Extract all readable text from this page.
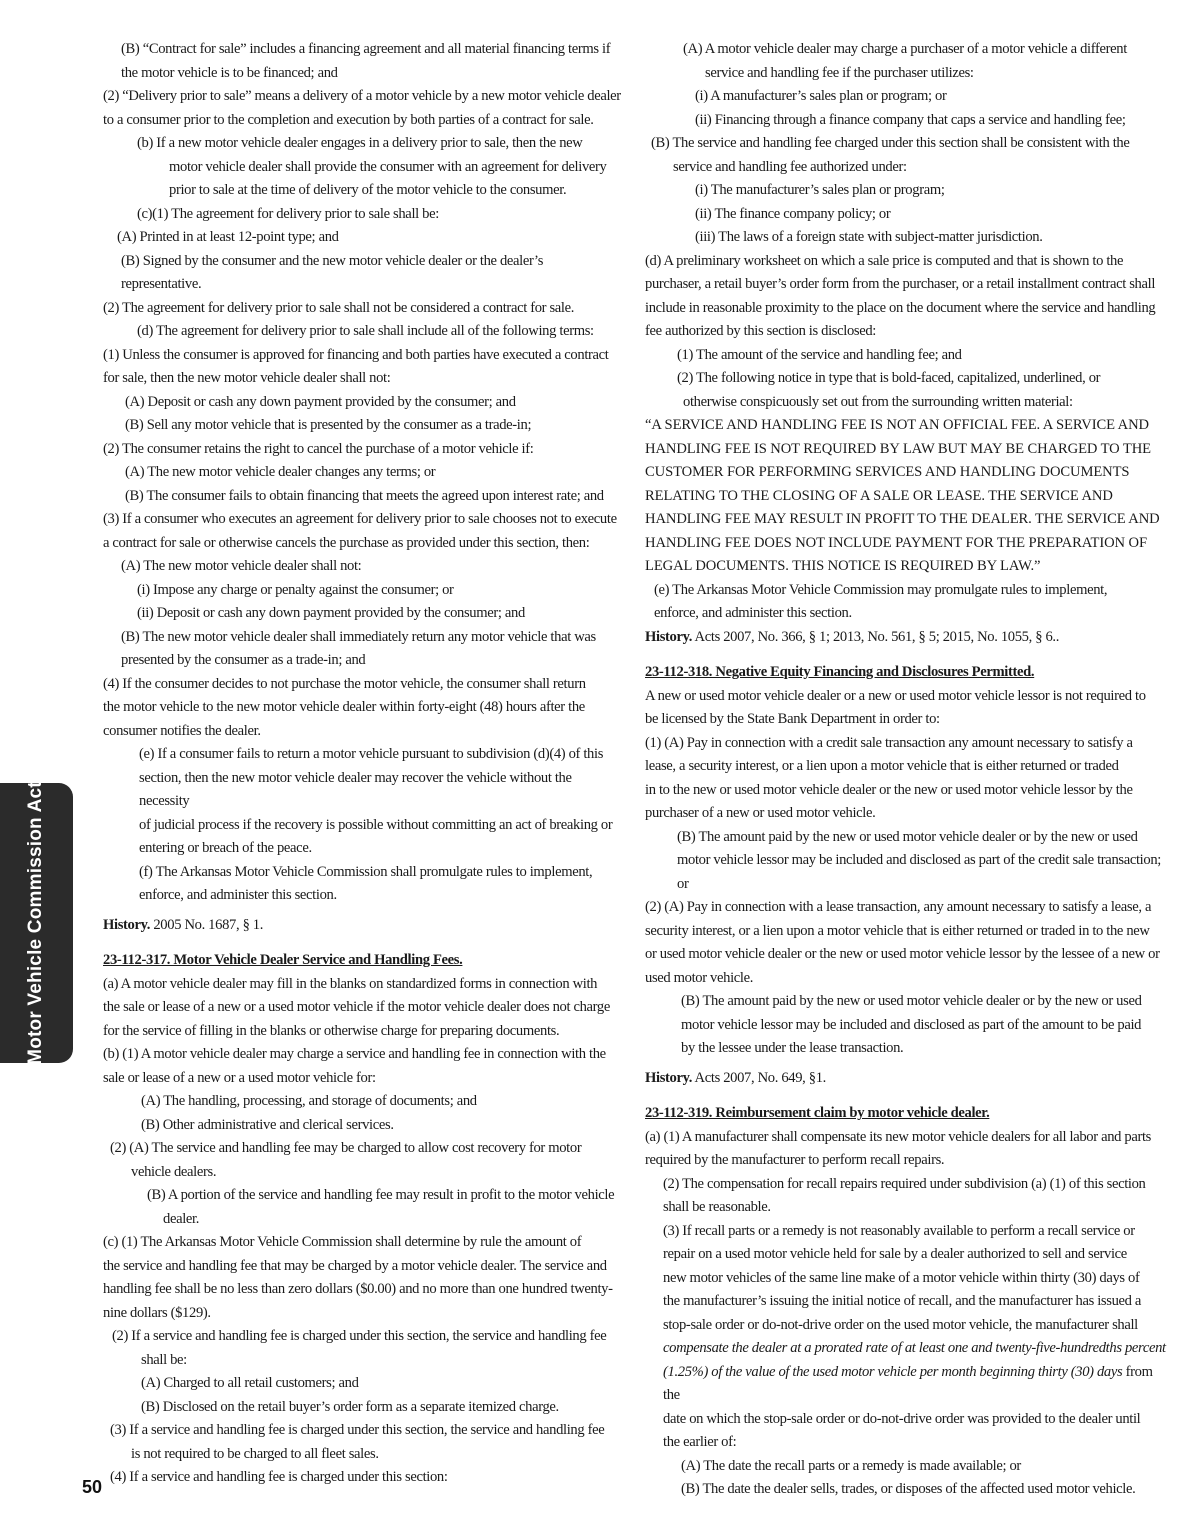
Motor Vehicle Commission Act
(B) “Contract for sale” includes a financing agreement and all material financing terms if
the motor vehicle is to be financed; and
(2) “Delivery prior to sale” means a delivery of a motor vehicle by a new motor vehicle dealer
to a consumer prior to the completion and execution by both parties of a contract for sale.
(b) If a new motor vehicle dealer engages in a delivery prior to sale, then the new
motor vehicle dealer shall provide the consumer with an agreement for delivery
prior to sale at the time of delivery of the motor vehicle to the consumer.
(c)(1) The agreement for delivery prior to sale shall be:
(A) Printed in at least 12-point type; and
(B) Signed by the consumer and the new motor vehicle dealer or the dealer’s
representative.
(2) The agreement for delivery prior to sale shall not be considered a contract for sale.
(d) The agreement for delivery prior to sale shall include all of the following terms:
(1) Unless the consumer is approved for financing and both parties have executed a contract
for sale, then the new motor vehicle dealer shall not:
(A) Deposit or cash any down payment provided by the consumer; and
(B) Sell any motor vehicle that is presented by the consumer as a trade-in;
(2) The consumer retains the right to cancel the purchase of a motor vehicle if:
(A) The new motor vehicle dealer changes any terms; or
(B) The consumer fails to obtain financing that meets the agreed upon interest rate; and
(3) If a consumer who executes an agreement for delivery prior to sale chooses not to execute
a contract for sale or otherwise cancels the purchase as provided under this section, then:
(A) The new motor vehicle dealer shall not:
(i) Impose any charge or penalty against the consumer; or
(ii) Deposit or cash any down payment provided by the consumer; and
(B) The new motor vehicle dealer shall immediately return any motor vehicle that was
presented by the consumer as a trade-in; and
(4) If the consumer decides to not purchase the motor vehicle, the consumer shall return
the motor vehicle to the new motor vehicle dealer within forty-eight (48) hours after the
consumer notifies the dealer.
(e) If a consumer fails to return a motor vehicle pursuant to subdivision (d)(4) of this
section, then the new motor vehicle dealer may recover the vehicle without the necessity
of judicial process if the recovery is possible without committing an act of breaking or
entering or breach of the peace.
(f) The Arkansas Motor Vehicle Commission shall promulgate rules to implement,
enforce, and administer this section.
History. 2005 No. 1687, § 1.
23-112-317. Motor Vehicle Dealer Service and Handling Fees.
(a) A motor vehicle dealer may fill in the blanks on standardized forms in connection with
the sale or lease of a new or a used motor vehicle if the motor vehicle dealer does not charge
for the service of filling in the blanks or otherwise charge for preparing documents.
(b) (1) A motor vehicle dealer may charge a service and handling fee in connection with the
sale or lease of a new or a used motor vehicle for:
(A) The handling, processing, and storage of documents; and
(B) Other administrative and clerical services.
(2) (A) The service and handling fee may be charged to allow cost recovery for motor
vehicle dealers.
(B) A portion of the service and handling fee may result in profit to the motor vehicle
dealer.
(c) (1) The Arkansas Motor Vehicle Commission shall determine by rule the amount of
the service and handling fee that may be charged by a motor vehicle dealer. The service and
handling fee shall be no less than zero dollars ($0.00) and no more than one hundred twenty-
nine dollars ($129).
(2) If a service and handling fee is charged under this section, the service and handling fee
shall be:
(A) Charged to all retail customers; and
(B) Disclosed on the retail buyer’s order form as a separate itemized charge.
(3) If a service and handling fee is charged under this section, the service and handling fee
is not required to be charged to all fleet sales.
(4) If a service and handling fee is charged under this section:
(A) A motor vehicle dealer may charge a purchaser of a motor vehicle a different
service and handling fee if the purchaser utilizes:
(i) A manufacturer’s sales plan or program; or
(ii) Financing through a finance company that caps a service and handling fee;
(B) The service and handling fee charged under this section shall be consistent with the
service and handling fee authorized under:
(i) The manufacturer’s sales plan or program;
(ii) The finance company policy; or
(iii) The laws of a foreign state with subject-matter jurisdiction.
(d) A preliminary worksheet on which a sale price is computed and that is shown to the
purchaser, a retail buyer’s order form from the purchaser, or a retail installment contract shall
include in reasonable proximity to the place on the document where the service and handling
fee authorized by this section is disclosed:
(1) The amount of the service and handling fee; and
(2) The following notice in type that is bold-faced, capitalized, underlined, or
otherwise conspicuously set out from the surrounding written material:
“A SERVICE AND HANDLING FEE IS NOT AN OFFICIAL FEE. A SERVICE AND
HANDLING FEE IS NOT REQUIRED BY LAW BUT MAY BE CHARGED TO THE
CUSTOMER FOR PERFORMING SERVICES AND HANDLING DOCUMENTS
RELATING TO THE CLOSING OF A SALE OR LEASE. THE SERVICE AND
HANDLING FEE MAY RESULT IN PROFIT TO THE DEALER. THE SERVICE AND
HANDLING FEE DOES NOT INCLUDE PAYMENT FOR THE PREPARATION OF
LEGAL DOCUMENTS. THIS NOTICE IS REQUIRED BY LAW.”
(e) The Arkansas Motor Vehicle Commission may promulgate rules to implement,
enforce, and administer this section.
History. Acts 2007, No. 366, § 1; 2013, No. 561, § 5; 2015, No. 1055, § 6..
23-112-318. Negative Equity Financing and Disclosures Permitted.
A new or used motor vehicle dealer or a new or used motor vehicle lessor is not required to
be licensed by the State Bank Department in order to:
(1) (A) Pay in connection with a credit sale transaction any amount necessary to satisfy a
lease, a security interest, or a lien upon a motor vehicle that is either returned or traded
in to the new or used motor vehicle dealer or the new or used motor vehicle lessor by the
purchaser of a new or used motor vehicle.
(B) The amount paid by the new or used motor vehicle dealer or by the new or used
motor vehicle lessor may be included and disclosed as part of the credit sale transaction; or
(2) (A) Pay in connection with a lease transaction, any amount necessary to satisfy a lease, a
security interest, or a lien upon a motor vehicle that is either returned or traded in to the new
or used motor vehicle dealer or the new or used motor vehicle lessor by the lessee of a new or
used motor vehicle.
(B) The amount paid by the new or used motor vehicle dealer or by the new or used
motor vehicle lessor may be included and disclosed as part of the amount to be paid
by the lessee under the lease transaction.
History. Acts 2007, No. 649, §1.
23-112-319. Reimbursement claim by motor vehicle dealer.
(a) (1) A manufacturer shall compensate its new motor vehicle dealers for all labor and parts
required by the manufacturer to perform recall repairs.
(2) The compensation for recall repairs required under subdivision (a) (1) of this section
shall be reasonable.
(3) If recall parts or a remedy is not reasonably available to perform a recall service or
repair on a used motor vehicle held for sale by a dealer authorized to sell and service
new motor vehicles of the same line make of a motor vehicle within thirty (30) days of
the manufacturer’s issuing the initial notice of recall, and the manufacturer has issued a
stop-sale order or do-not-drive order on the used motor vehicle, the manufacturer shall
compensate the dealer at a prorated rate of at least one and twenty-five-hundredths percent
(1.25%) of the value of the used motor vehicle per month beginning thirty (30) days from the
date on which the stop-sale order or do-not-drive order was provided to the dealer until
the earlier of:
(A) The date the recall parts or a remedy is made available; or
(B) The date the dealer sells, trades, or disposes of the affected used motor vehicle.
50
